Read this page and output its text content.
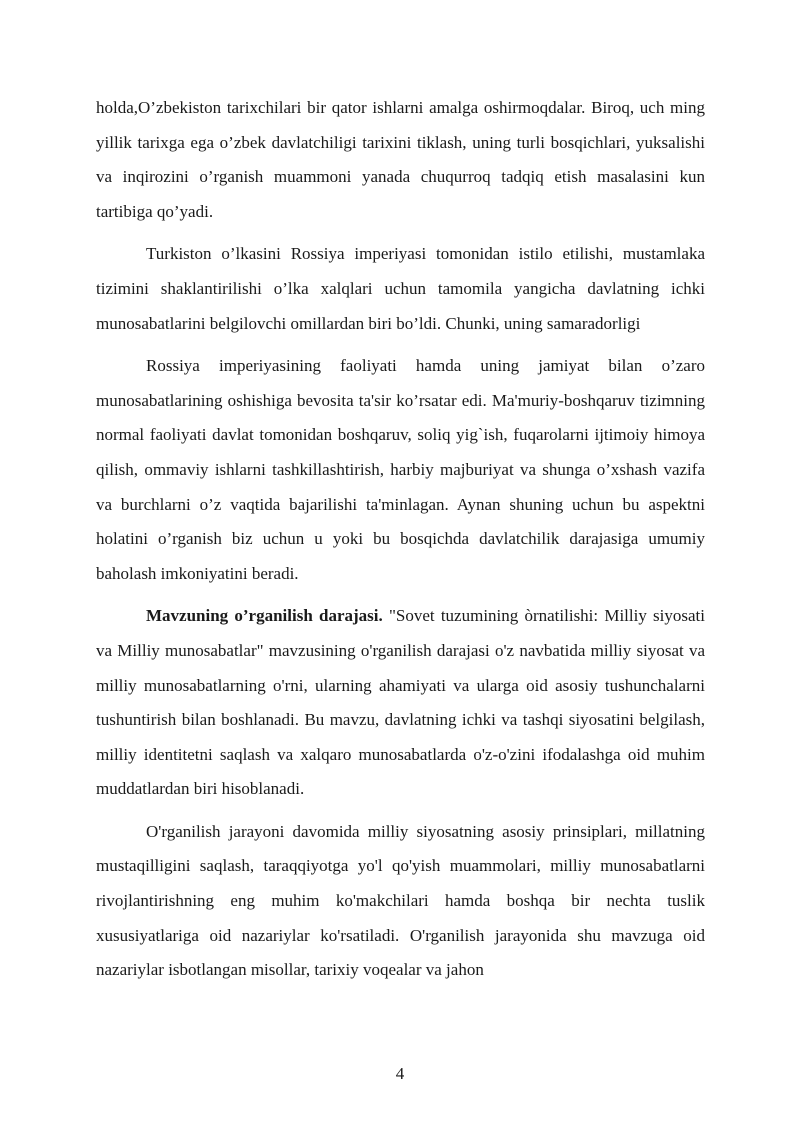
holda,O’zbekiston tarixchilari bir qator ishlarni amalga oshirmoqdalar. Biroq, uch ming yillik tarixga ega o’zbek davlatchiligi tarixini tiklash, uning turli bosqichlari, yuksalishi va inqirozini o’rganish muammoni yanada chuqurroq tadqiq etish masalasini kun tartibiga qo’yadi.

Turkiston o’lkasini Rossiya imperiyasi tomonidan istilo etilishi, mustamlaka tizimini shaklantirilishi o’lka xalqlari uchun tamomila yangicha davlatning ichki munosabatlarini belgilovchi omillardan biri bo’ldi. Chunki, uning samaradorligi

Rossiya imperiyasining faoliyati hamda uning jamiyat bilan o’zaro munosabatlarining oshishiga bevosita ta'sir ko’rsatar edi. Ma'muriy-boshqaruv tizimning normal faoliyati davlat tomonidan boshqaruv, soliq yig`ish, fuqarolarni ijtimoiy himoya qilish, ommaviy ishlarni tashkillashtirish, harbiy majburiyat va shunga o’xshash vazifa va burchlarni o’z vaqtida bajarilishi ta'minlagan. Aynan shuning uchun bu aspektni holatini o’rganish biz uchun u yoki bu bosqichda davlatchilik darajasiga umumiy baholash imkoniyatini beradi.

Mavzuning o’rganilish darajasi. "Sovet tuzumining òrnatilishi: Milliy siyosati va Milliy munosabatlar" mavzusining o'rganilish darajasi o'z navbatida milliy siyosat va milliy munosabatlarning o'rni, ularning ahamiyati va ularga oid asosiy tushunchalarni tushuntirish bilan boshlanadi. Bu mavzu, davlatning ichki va tashqi siyosatini belgilash, milliy identitetni saqlash va xalqaro munosabatlarda o'z-o'zini ifodalashga oid muhim muddatlardan biri hisoblanadi.

O'rganilish jarayoni davomida milliy siyosatning asosiy prinsiplari, millatning mustaqilligini saqlash, taraqqiyotga yo'l qo'yish muammolari, milliy munosabatlarni rivojlantirishning eng muhim ko'makchilari hamda boshqa bir nechta tuslik xususiyatlariga oid nazariylar ko'rsatiladi. O'rganilish jarayonida shu mavzuga oid nazariylar isbotlangan misollar, tarixiy voqealar va jahon

4
